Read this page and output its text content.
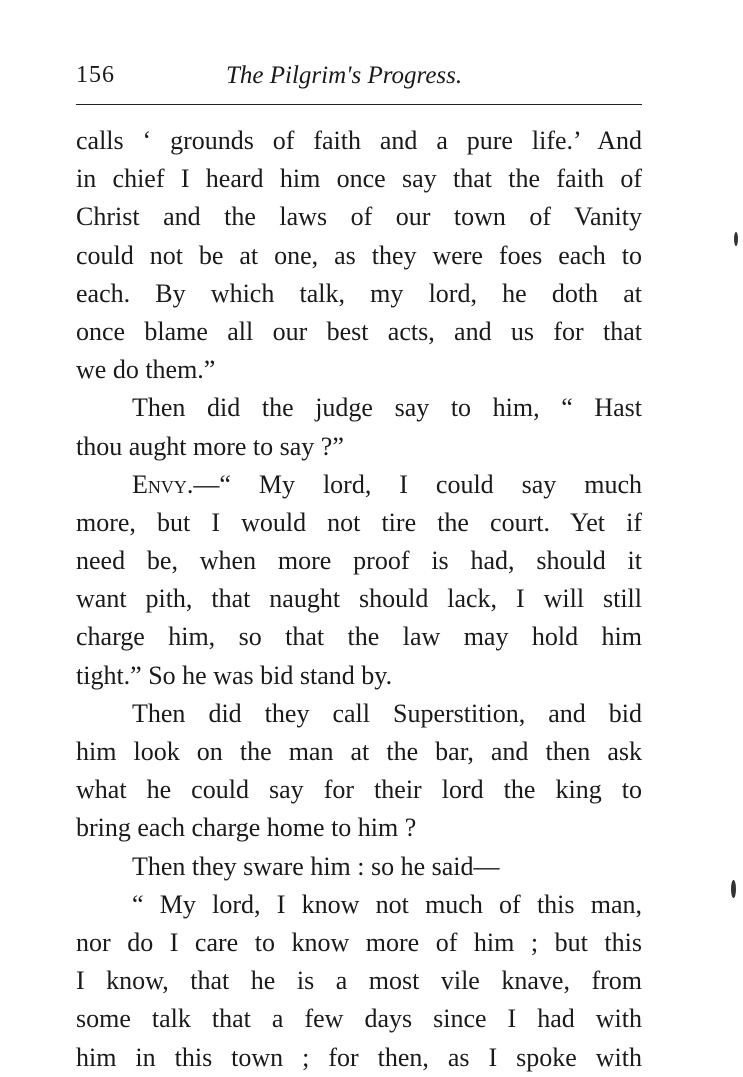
156	The Pilgrim's Progress.
calls ‘ grounds of faith and a pure life.’ And
in chief I heard him once say that the faith of
Christ and the laws of our town of Vanity
could not be at one, as they were foes each to
each. By which talk, my lord, he doth at
once blame all our best acts, and us for that
we do them.”
Then did the judge say to him, “ Hast
thou aught more to say ?”
Envy.—“ My lord, I could say much
more, but I would not tire the court. Yet if
need be, when more proof is had, should it
want pith, that naught should lack, I will still
charge him, so that the law may hold him
tight.” So he was bid stand by.
Then did they call Superstition, and bid
him look on the man at the bar, and then ask
what he could say for their lord the king to
bring each charge home to him ?
Then they sware him : so he said—
“ My lord, I know not much of this man,
nor do I care to know more of him ; but this
I know, that he is a most vile knave, from
some talk that a few days since I had with
him in this town ; for then, as I spoke with
